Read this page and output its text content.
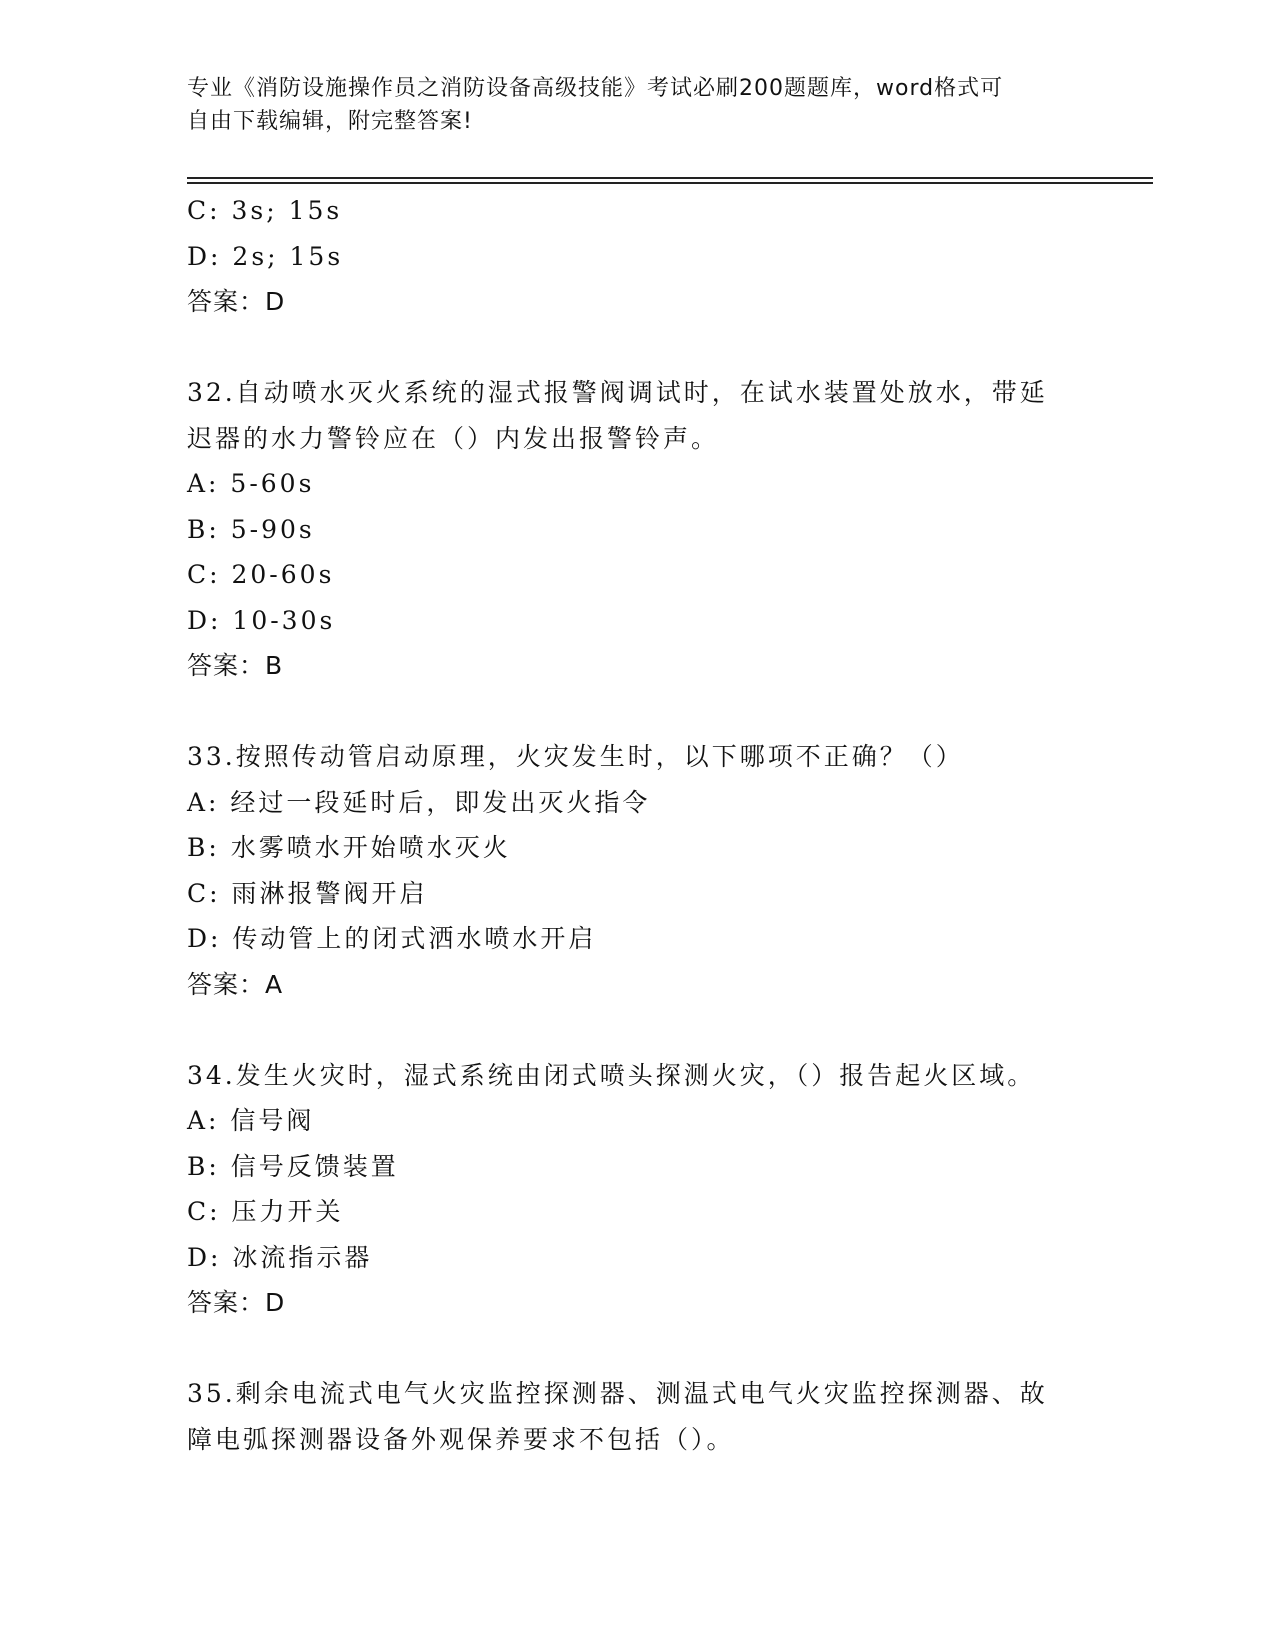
专业《消防设施操作员之消防设备高级技能》考试必刷200题题库，word格式可
自由下载编辑，附完整答案!
C: 3s; 15s
D: 2s; 15s
答案：D
32.自动喷水灭火系统的湿式报警阀调试时，在试水装置处放水，带延
迟器的水力警铃应在（）内发出报警铃声。
A: 5-60s
B: 5-90s
C: 20-60s
D: 10-30s
答案：B
33.按照传动管启动原理，火灾发生时，以下哪项不正确？（）
A: 经过一段延时后，即发出灭火指令
B: 水雾喷水开始喷水灭火
C: 雨淋报警阀开启
D: 传动管上的闭式洒水喷水开启
答案：A
34.发生火灾时，湿式系统由闭式喷头探测火灾，（）报告起火区域。
A: 信号阀
B: 信号反馈装置
C: 压力开关
D: 冰流指示器
答案：D
35.剩余电流式电气火灾监控探测器、测温式电气火灾监控探测器、故
障电弧探测器设备外观保养要求不包括（）。
